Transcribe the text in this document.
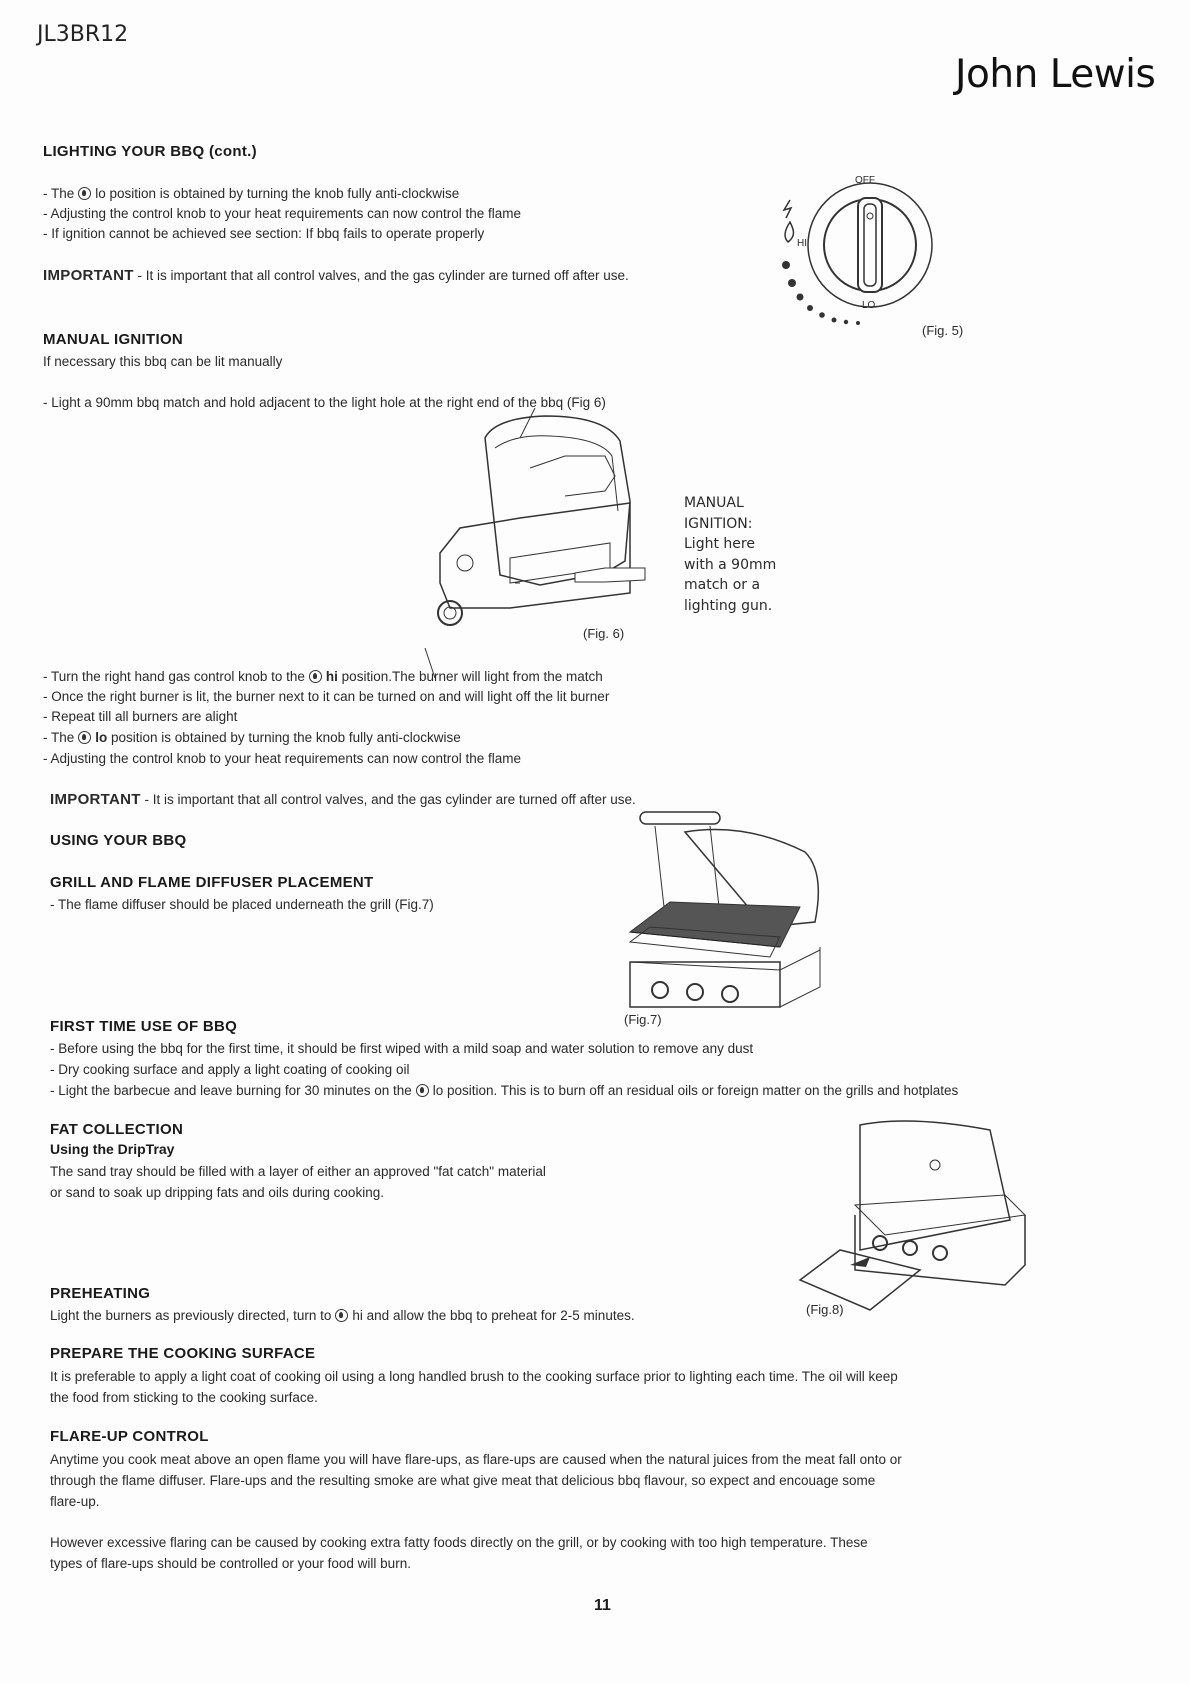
JL3BR12
John Lewis
LIGHTING YOUR BBQ (cont.)
- The lo position is obtained by turning the knob fully anti-clockwise
- Adjusting the control knob to your heat requirements can now control the flame
- If ignition cannot be achieved see section: If bbq fails to operate properly
IMPORTANT - It is important that all control valves, and the gas cylinder are turned off after use.
OFF
HI
LO
(Fig. 5)
MANUAL IGNITION
If necessary this bbq can be lit manually
- Light a 90mm bbq match and hold adjacent to the light hole at the right end of the bbq (Fig 6)
MANUAL
IGNITION:
Light here
with a 90mm
match or a
lighting gun.
(Fig. 6)
- Turn the right hand gas control knob to the hi position.The burner will light from the match
- Once the right burner is lit, the burner next to it can be turned on and will light off the lit burner
- Repeat till all burners are alight
- The lo position is obtained by turning the knob fully anti-clockwise
- Adjusting the control knob to your heat requirements can now control the flame
IMPORTANT - It is important that all control valves, and the gas cylinder are turned off after use.
USING YOUR BBQ
GRILL AND FLAME DIFFUSER PLACEMENT
- The flame diffuser should be placed underneath the grill (Fig.7)
(Fig.7)
FIRST TIME USE OF BBQ
- Before using the bbq for the first time, it should be first wiped with a mild soap and water solution to remove any dust
- Dry cooking surface and apply a light coating of cooking oil
- Light the barbecue and leave burning for 30 minutes on the lo position. This is to burn off an residual oils or foreign matter on the grills and hotplates
FAT COLLECTION
Using the DripTray
The sand tray should be filled with a layer of either an approved "fat catch" material
or sand to soak up dripping fats and oils during cooking.
(Fig.8)
PREHEATING
Light the burners as previously directed, turn to hi and allow the bbq to preheat for 2-5 minutes.
PREPARE THE COOKING SURFACE
It is preferable to apply a light coat of cooking oil using a long handled brush to the cooking surface prior to lighting each time. The oil will keep
the food from sticking to the cooking surface.
FLARE-UP CONTROL
Anytime you cook meat above an open flame you will have flare-ups, as flare-ups are caused when the natural juices from the meat fall onto or
through the flame diffuser. Flare-ups and the resulting smoke are what give meat that delicious bbq flavour, so expect and encouage some
flare-up.
However excessive flaring can be caused by cooking extra fatty foods directly on the grill, or by cooking with too high temperature. These
types of flare-ups should be controlled or your food will burn.
11
